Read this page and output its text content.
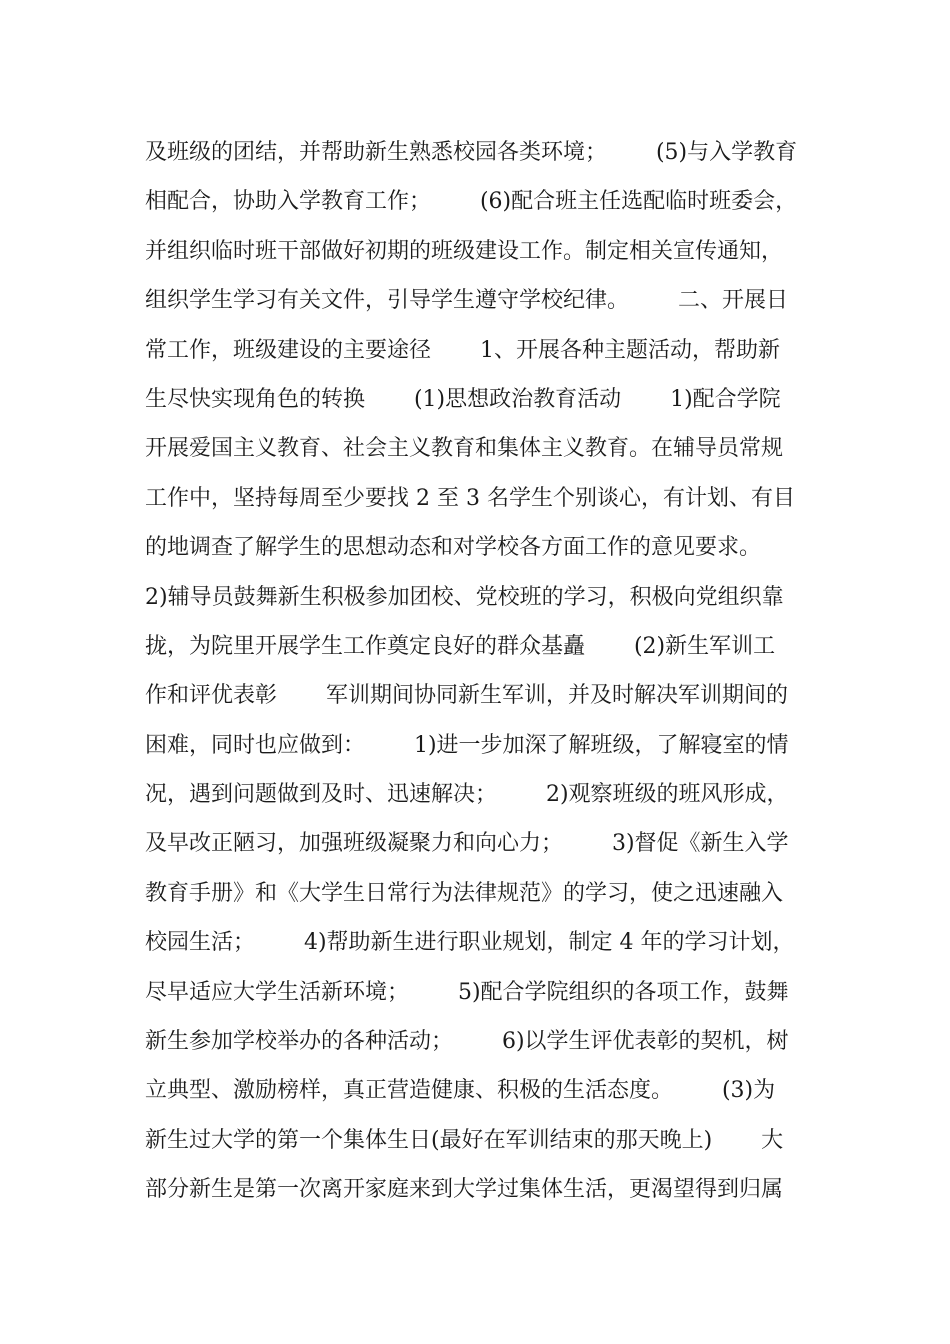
及班级的团结，并帮助新生熟悉校园各类环境；       (5)与入学教育
相配合，协助入学教育工作；       (6)配合班主任选配临时班委会，
并组织临时班干部做好初期的班级建设工作。制定相关宣传通知，
组织学生学习有关文件，引导学生遵守学校纪律。       二、开展日
常工作，班级建设的主要途径       1、开展各种主题活动，帮助新
生尽快实现角色的转换       (1)思想政治教育活动       1)配合学院
开展爱国主义教育、社会主义教育和集体主义教育。在辅导员常规
工作中，坚持每周至少要找 2 至 3 名学生个别谈心，有计划、有目
的地调查了解学生的思想动态和对学校各方面工作的意见要求。
2)辅导员鼓舞新生积极参加团校、党校班的学习，积极向党组织靠
拢，为院里开展学生工作奠定良好的群众基矗       (2)新生军训工
作和评优表彰       军训期间协同新生军训，并及时解决军训期间的
困难，同时也应做到：       1)进一步加深了解班级，了解寝室的情
况，遇到问题做到及时、迅速解决；       2)观察班级的班风形成，
及早改正陋习，加强班级凝聚力和向心力；       3)督促《新生入学
教育手册》和《大学生日常行为法律规范》的学习，使之迅速融入
校园生活；       4)帮助新生进行职业规划，制定 4 年的学习计划，
尽早适应大学生活新环境；       5)配合学院组织的各项工作，鼓舞
新生参加学校举办的各种活动；       6)以学生评优表彰的契机，树
立典型、激励榜样，真正营造健康、积极的生活态度。       (3)为
新生过大学的第一个集体生日(最好在军训结束的那天晚上)       大
部分新生是第一次离开家庭来到大学过集体生活，更渴望得到归属
